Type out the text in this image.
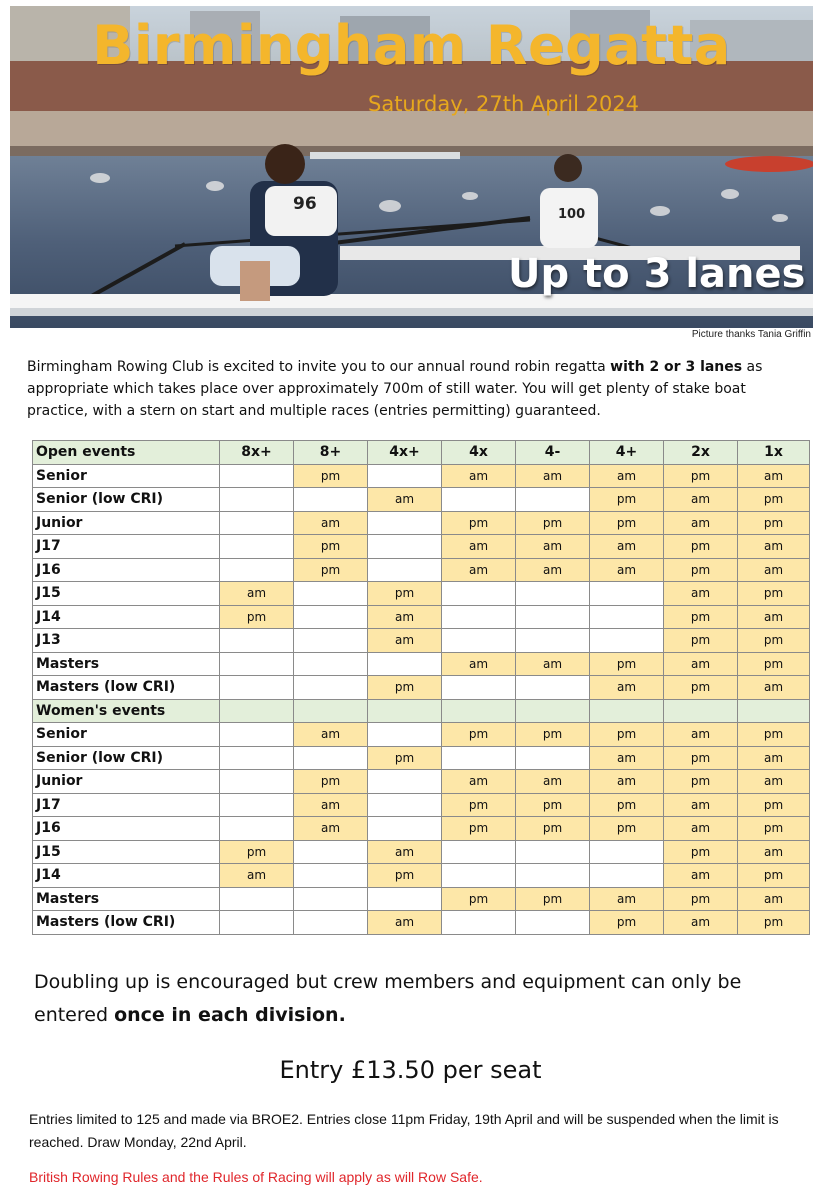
100
96
Birmingham Regatta
Saturday, 27th April 2024
Up to 3 lanes
Picture thanks Tania Griffin
Birmingham Rowing Club is excited to invite you to our annual round robin regatta with 2 or 3 lanes as appropriate which takes place over approximately 700m of still water. You will get plenty of stake boat practice, with a stern on start and multiple races (entries permitting) guaranteed.
Open events	8x+	8+	4x+	4x	4-	4+	2x	1x
Senior		pm		am	am	am	pm	am
Senior (low CRI)			am			pm	am	pm
Junior		am		pm	pm	pm	am	pm
J17		pm		am	am	am	pm	am
J16		pm		am	am	am	pm	am
J15	am		pm				am	pm
J14	pm		am				pm	am
J13			am				pm	pm
Masters				am	am	pm	am	pm
Masters (low CRI)			pm			am	pm	am
Women's events								
Senior		am		pm	pm	pm	am	pm
Senior (low CRI)			pm			am	pm	am
Junior		pm		am	am	am	pm	am
J17		am		pm	pm	pm	am	pm
J16		am		pm	pm	pm	am	pm
J15	pm		am				pm	am
J14	am		pm				am	pm
Masters				pm	pm	am	pm	am
Masters (low CRI)			am			pm	am	pm
Doubling up is encouraged but crew members and equipment can only be entered once in each division.
Entry £13.50 per seat
Entries limited to 125 and made via BROE2. Entries close 11pm Friday, 19th April and will be suspended when the limit is reached. Draw Monday, 22nd April.
British Rowing Rules and the Rules of Racing will apply as will Row Safe.
